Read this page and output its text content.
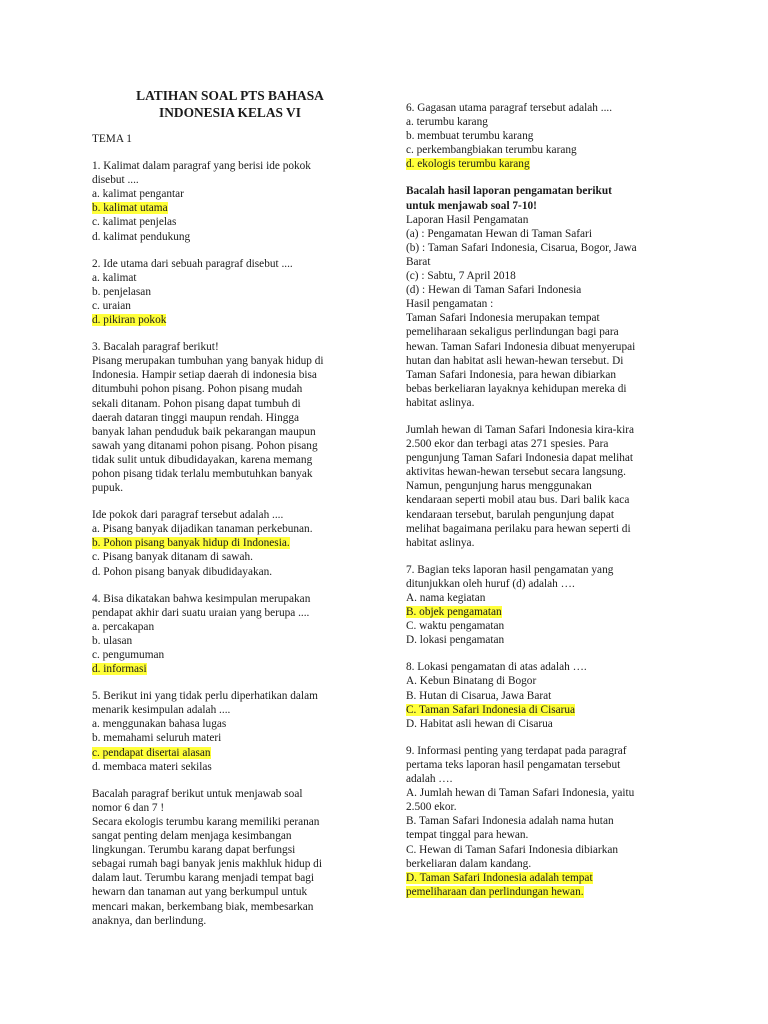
LATIHAN SOAL PTS BAHASA
INDONESIA KELAS VI
TEMA 1
1. Kalimat dalam paragraf yang berisi ide pokok
disebut ....
a. kalimat pengantar
b. kalimat utama
c. kalimat penjelas
d. kalimat pendukung
2. Ide utama dari sebuah paragraf disebut ....
a. kalimat
b. penjelasan
c. uraian
d. pikiran pokok
3. Bacalah paragraf berikut!
Pisang merupakan tumbuhan yang banyak hidup di
Indonesia. Hampir setiap daerah di indonesia bisa
ditumbuhi pohon pisang. Pohon pisang mudah
sekali ditanam. Pohon pisang dapat tumbuh di
daerah dataran tinggi maupun rendah. Hingga
banyak lahan penduduk baik pekarangan maupun
sawah yang ditanami pohon pisang. Pohon pisang
tidak sulit untuk dibudidayakan, karena memang
pohon pisang tidak terlalu membutuhkan banyak
pupuk.
Ide pokok dari paragraf tersebut adalah ....
a. Pisang banyak dijadikan tanaman perkebunan.
b. Pohon pisang banyak hidup di Indonesia.
c. Pisang banyak ditanam di sawah.
d. Pohon pisang banyak dibudidayakan.
4. Bisa dikatakan bahwa kesimpulan merupakan
pendapat akhir dari suatu uraian yang berupa ....
a. percakapan
b. ulasan
c. pengumuman
d. informasi
5. Berikut ini yang tidak perlu diperhatikan dalam
menarik kesimpulan adalah ....
a. menggunakan bahasa lugas
b. memahami seluruh materi
c. pendapat disertai alasan
d. membaca materi sekilas
Bacalah paragraf berikut untuk menjawab soal
nomor 6 dan 7 !
Secara ekologis terumbu karang memiliki peranan
sangat penting delam menjaga kesimbangan
lingkungan. Terumbu karang dapat berfungsi
sebagai rumah bagi banyak jenis makhluk hidup di
dalam laut. Terumbu karang menjadi tempat bagi
hewarn dan tanaman aut yang berkumpul untuk
mencari makan, berkembang biak, membesarkan
anaknya, dan berlindung.
6. Gagasan utama paragraf tersebut adalah ....
a. terumbu karang
b. membuat terumbu karang
c. perkembangbiakan terumbu karang
d. ekologis terumbu karang
Bacalah hasil laporan pengamatan berikut
untuk menjawab soal 7-10!
Laporan Hasil Pengamatan
(a) : Pengamatan Hewan di Taman Safari
(b) : Taman Safari Indonesia, Cisarua, Bogor, Jawa
Barat
(c) : Sabtu, 7 April 2018
(d) : Hewan di Taman Safari Indonesia
Hasil pengamatan :
Taman Safari Indonesia merupakan tempat
pemeliharaan sekaligus perlindungan bagi para
hewan. Taman Safari Indonesia dibuat menyerupai
hutan dan habitat asli hewan-hewan tersebut. Di
Taman Safari Indonesia, para hewan dibiarkan
bebas berkeliaran layaknya kehidupan mereka di
habitat aslinya.
Jumlah hewan di Taman Safari Indonesia kira-kira
2.500 ekor dan terbagi atas 271 spesies. Para
pengunjung Taman Safari Indonesia dapat melihat
aktivitas hewan-hewan tersebut secara langsung.
Namun, pengunjung harus menggunakan
kendaraan seperti mobil atau bus. Dari balik kaca
kendaraan tersebut, barulah pengunjung dapat
melihat bagaimana perilaku para hewan seperti di
habitat aslinya.
7. Bagian teks laporan hasil pengamatan yang
ditunjukkan oleh huruf (d) adalah ….
A. nama kegiatan
B. objek pengamatan
C. waktu pengamatan
D. lokasi pengamatan
8. Lokasi pengamatan di atas adalah ….
A. Kebun Binatang di Bogor
B. Hutan di Cisarua, Jawa Barat
C. Taman Safari Indonesia di Cisarua
D. Habitat asli hewan di Cisarua
9. Informasi penting yang terdapat pada paragraf
pertama teks laporan hasil pengamatan tersebut
adalah ….
A. Jumlah hewan di Taman Safari Indonesia, yaitu
2.500 ekor.
B. Taman Safari Indonesia adalah nama hutan
tempat tinggal para hewan.
C. Hewan di Taman Safari Indonesia dibiarkan
berkeliaran dalam kandang.
D. Taman Safari Indonesia adalah tempat
pemeliharaan dan perlindungan hewan.
